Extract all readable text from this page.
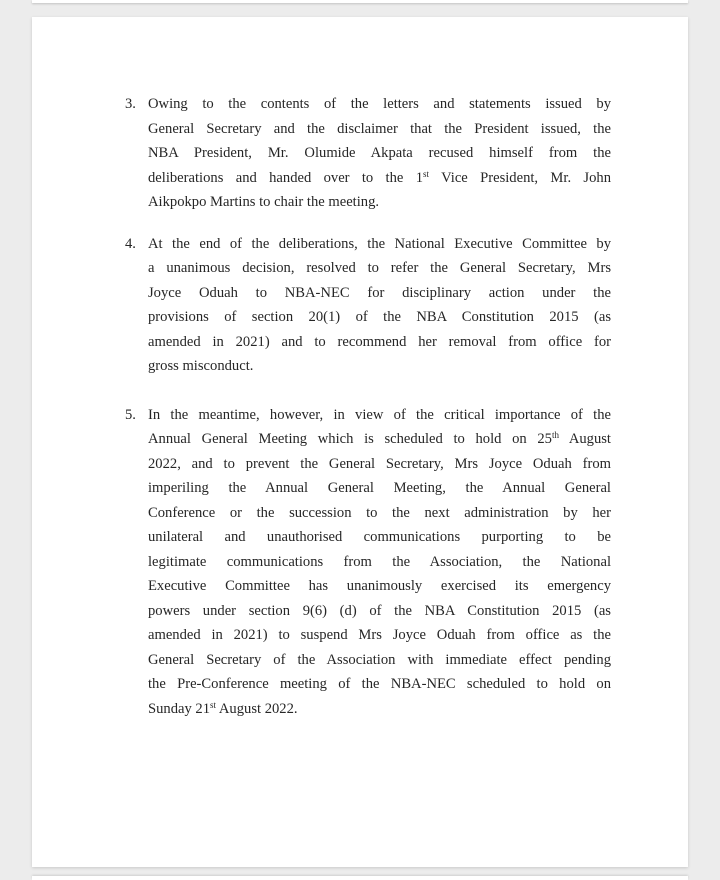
3. Owing to the contents of the letters and statements issued by
General Secretary and the disclaimer that the President issued, the
NBA President, Mr. Olumide Akpata recused himself from the
deliberations and handed over to the 1st Vice President, Mr. John
Aikpokpo Martins to chair the meeting.
4. At the end of the deliberations, the National Executive Committee by
a unanimous decision, resolved to refer the General Secretary, Mrs
Joyce Oduah to NBA-NEC for disciplinary action under the
provisions of section 20(1) of the NBA Constitution 2015 (as
amended in 2021) and to recommend her removal from office for
gross misconduct.
5. In the meantime, however, in view of the critical importance of the
Annual General Meeting which is scheduled to hold on 25th August
2022, and to prevent the General Secretary, Mrs Joyce Oduah from
imperiling the Annual General Meeting, the Annual General
Conference or the succession to the next administration by her
unilateral and unauthorised communications purporting to be
legitimate communications from the Association, the National
Executive Committee has unanimously exercised its emergency
powers under section 9(6) (d) of the NBA Constitution 2015 (as
amended in 2021) to suspend Mrs Joyce Oduah from office as the
General Secretary of the Association with immediate effect pending
the Pre-Conference meeting of the NBA-NEC scheduled to hold on
Sunday 21st August 2022.
